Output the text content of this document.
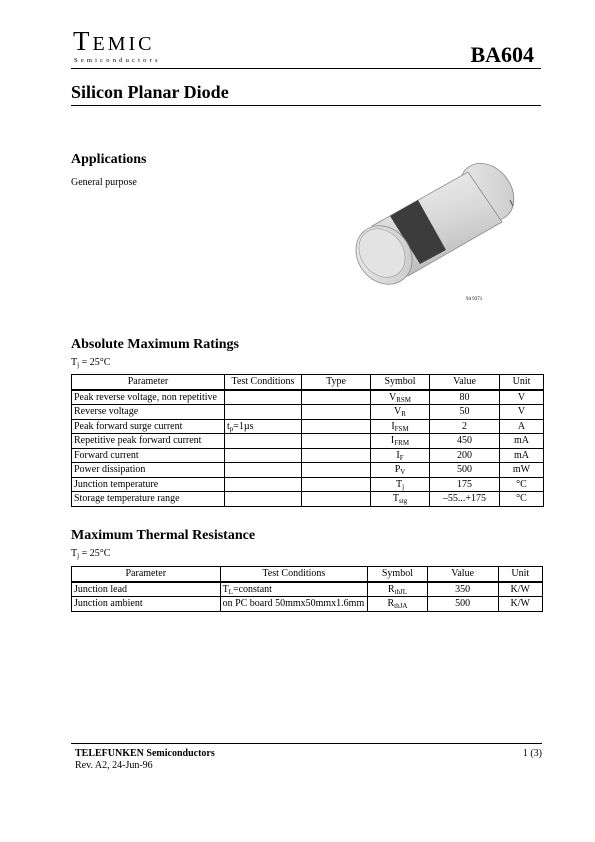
TEMIC
Semiconductors	BA604
Silicon Planar Diode
Applications
General purpose
94 9371
Absolute Maximum Ratings
$T_j = 25^\circ C$
Parameter	Test Conditions	Type	Symbol	Value	Unit
Peak reverse voltage, non repetitive			$V_{RSM}$	80	V
Reverse voltage			$V_R$	50	V
Peak forward surge current	$t_p=1\mu s$		$I_{FSM}$	2	A
Repetitive peak forward current			$I_{FRM}$	450	mA
Forward current			$I_F$	200	mA
Power dissipation			$P_V$	500	mW
Junction temperature			$T_j$	175	°C
Storage temperature range			$T_{stg}$	–55...+175	°C
Maximum Thermal Resistance
$T_j = 25^\circ C$
Parameter	Test Conditions	Symbol	Value	Unit
Junction lead	$T_L=constant$	$R_{thJL}$	350	K/W
Junction ambient	on PC board 50mmx50mmx1.6mm	$R_{thJA}$	500	K/W
TELEFUNKEN Semiconductors
Rev. A2, 24-Jun-96
1 (3)
